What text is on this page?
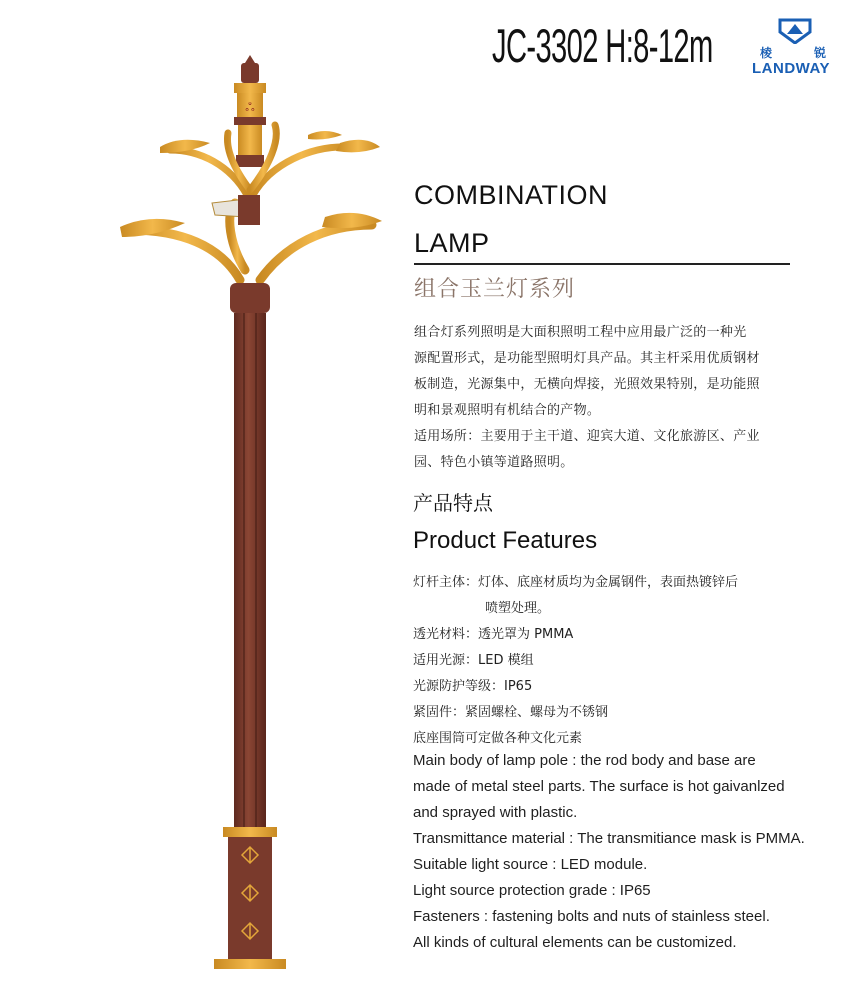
ஃ
JC-3302 H:8-12m	棱	锐
LANDWAY
COMBINATION
LAMP
组合玉兰灯系列
组合灯系列照明是大面积照明工程中应用最广泛的一种光
源配置形式，是功能型照明灯具产品。其主杆采用优质钢材
板制造，光源集中，无横向焊接，光照效果特别，是功能照
明和景观照明有机结合的产物。
适用场所：主要用于主干道、迎宾大道、文化旅游区、产业
园、特色小镇等道路照明。
产品特点
Product Features
灯杆主体：灯体、底座材质均为金属钢件，表面热镀锌后
喷塑处理。
透光材料：透光罩为 PMMA
适用光源：LED 模组
光源防护等级：IP65
紧固件：紧固螺栓、螺母为不锈钢
底座围筒可定做各种文化元素
Main body of lamp pole : the rod body and base are
made of metal steel parts. The surface is hot gaivanlzed
and sprayed with plastic.
Transmittance material : The transmitiance mask is PMMA.
Suitable light source : LED module.
Light source protection grade : IP65
Fasteners : fastening bolts and nuts of stainless steel.
All kinds of cultural elements can be customized.
